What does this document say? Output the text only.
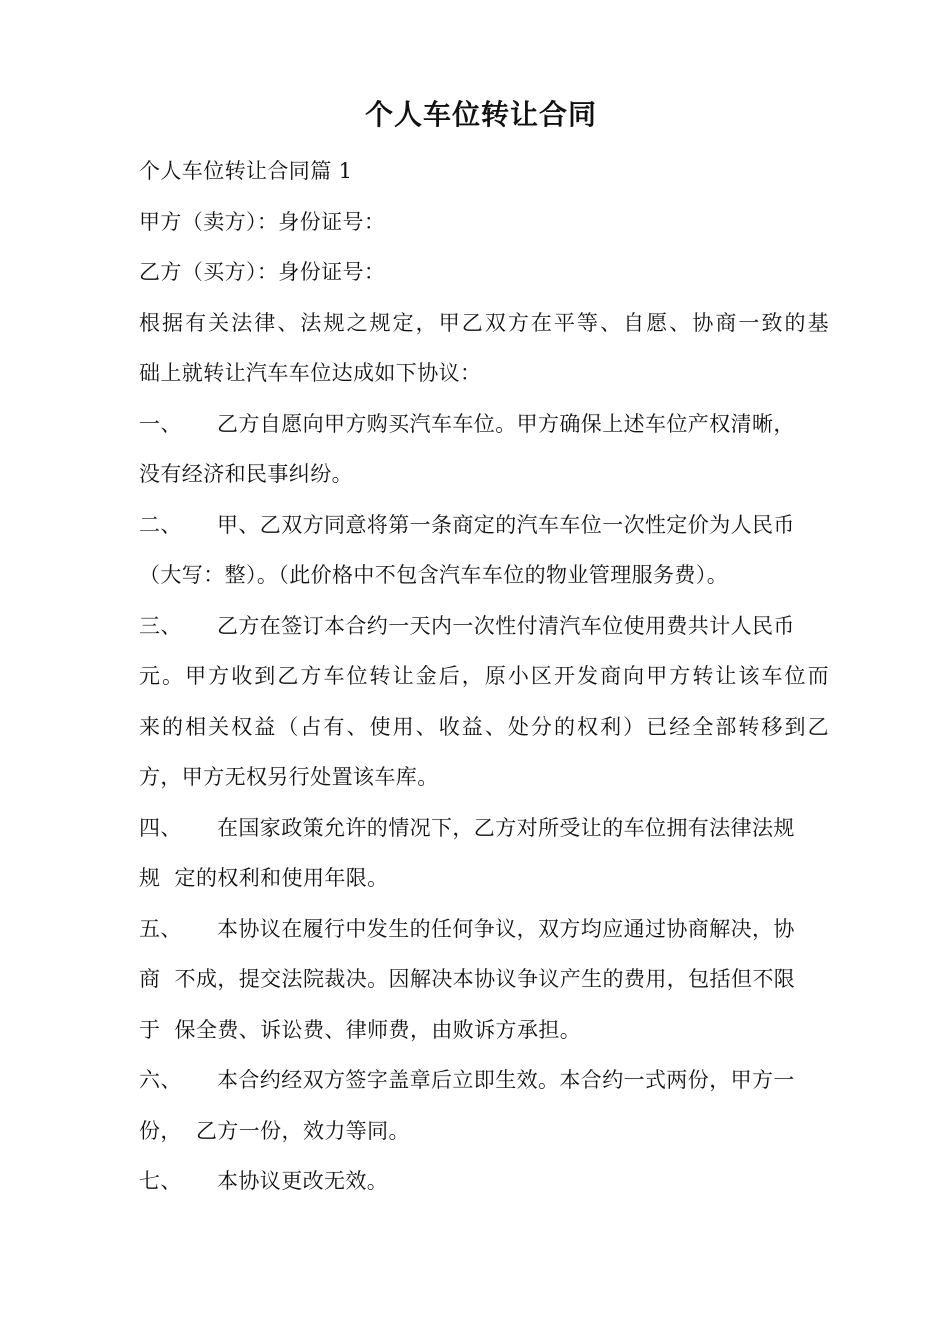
个人车位转让合同
个人车位转让合同篇 1
甲方（卖方）：身份证号：
乙方（买方）：身份证号：
根据有关法律、法规之规定，甲乙双方在平等、自愿、协商一致的基
础上就转让汽车车位达成如下协议：
一、 乙方自愿向甲方购买汽车车位。甲方确保上述车位产权清晰，
没有经济和民事纠纷。
二、 甲、乙双方同意将第一条商定的汽车车位一次性定价为人民币
（大写：整）。（此价格中不包含汽车车位的物业管理服务费）。
三、 乙方在签订本合约一天内一次性付清汽车位使用费共计人民币
元。甲方收到乙方车位转让金后，原小区开发商向甲方转让该车位而
来的相关权益（占有、使用、收益、处分的权利）已经全部转移到乙
方，甲方无权另行处置该车库。
四、 在国家政策允许的情况下，乙方对所受让的车位拥有法律法规
规  定的权利和使用年限。
五、 本协议在履行中发生的任何争议，双方均应通过协商解决，协
商  不成，提交法院裁决。因解决本协议争议产生的费用，包括但不限
于  保全费、诉讼费、律师费，由败诉方承担。
六、 本合约经双方签字盖章后立即生效。本合约一式两份，甲方一
份，  乙方一份，效力等同。
七、 本协议更改无效。
